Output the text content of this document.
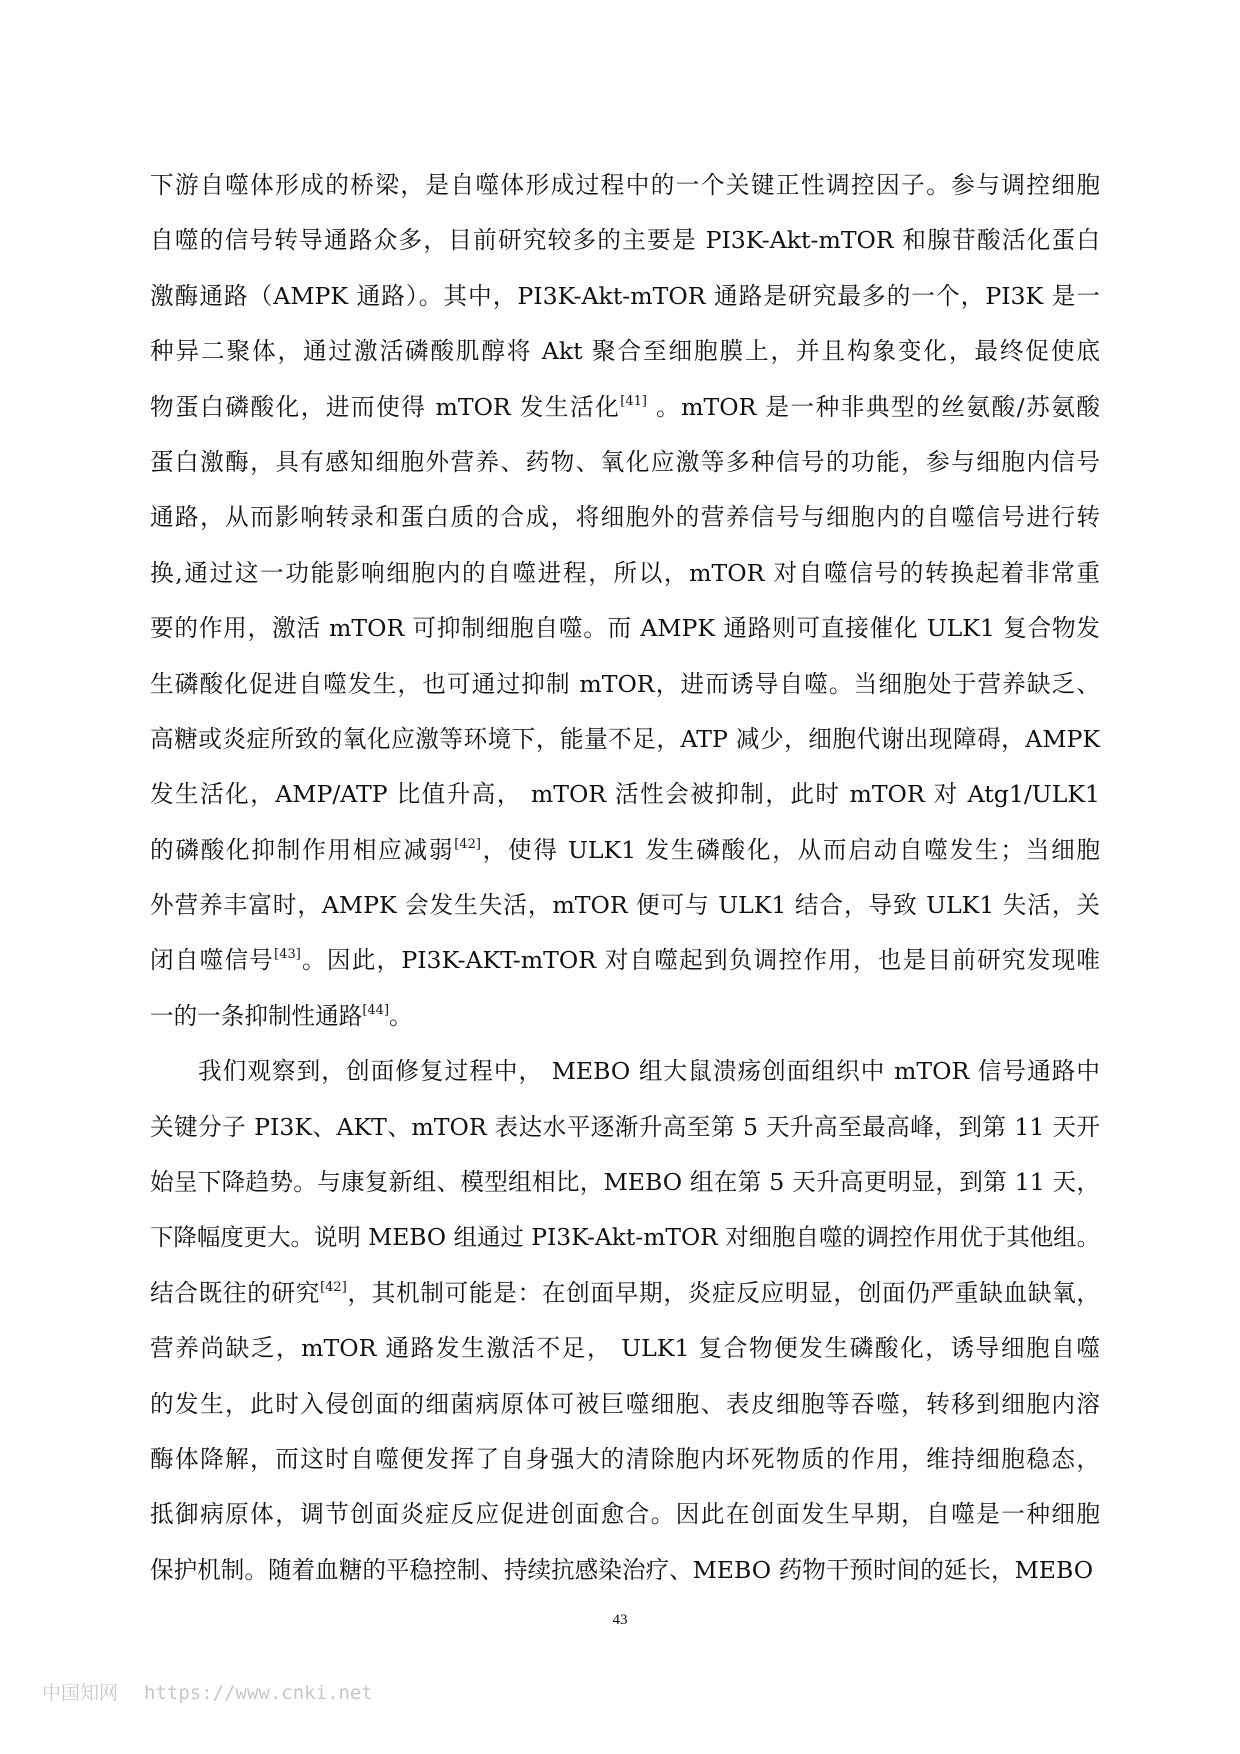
下游自噬体形成的桥梁，是自噬体形成过程中的一个关键正性调控因子。参与调控细胞
自噬的信号转导通路众多，目前研究较多的主要是 PI3K-Akt-mTOR 和腺苷酸活化蛋白
激酶通路（AMPK 通路）。其中，PI3K-Akt-mTOR 通路是研究最多的一个，PI3K 是一
种异二聚体，通过激活磷酸肌醇将 Akt 聚合至细胞膜上，并且构象变化，最终促使底
物蛋白磷酸化，进而使得 mTOR 发生活化[41] 。mTOR 是一种非典型的丝氨酸/苏氨酸
蛋白激酶，具有感知细胞外营养、药物、氧化应激等多种信号的功能，参与细胞内信号
通路，从而影响转录和蛋白质的合成，将细胞外的营养信号与细胞内的自噬信号进行转
换,通过这一功能影响细胞内的自噬进程，所以，mTOR 对自噬信号的转换起着非常重
要的作用，激活 mTOR 可抑制细胞自噬。而 AMPK 通路则可直接催化 ULK1 复合物发
生磷酸化促进自噬发生，也可通过抑制 mTOR，进而诱导自噬。当细胞处于营养缺乏、
高糖或炎症所致的氧化应激等环境下，能量不足，ATP 减少，细胞代谢出现障碍，AMPK
发生活化，AMP/ATP 比值升高， mTOR 活性会被抑制，此时 mTOR 对 Atg1/ULK1
的磷酸化抑制作用相应减弱[42]，使得 ULK1 发生磷酸化，从而启动自噬发生；当细胞
外营养丰富时，AMPK 会发生失活，mTOR 便可与 ULK1 结合，导致 ULK1 失活，关
闭自噬信号[43]。因此，PI3K-AKT-mTOR 对自噬起到负调控作用，也是目前研究发现唯
一的一条抑制性通路[44]。
我们观察到，创面修复过程中， MEBO 组大鼠溃疡创面组织中 mTOR 信号通路中
关键分子 PI3K、AKT、mTOR 表达水平逐渐升高至第 5 天升高至最高峰，到第 11 天开
始呈下降趋势。与康复新组、模型组相比，MEBO 组在第 5 天升高更明显，到第 11 天，
下降幅度更大。说明 MEBO 组通过 PI3K-Akt-mTOR 对细胞自噬的调控作用优于其他组。
结合既往的研究[42]，其机制可能是：在创面早期，炎症反应明显，创面仍严重缺血缺氧，
营养尚缺乏，mTOR 通路发生激活不足， ULK1 复合物便发生磷酸化，诱导细胞自噬
的发生，此时入侵创面的细菌病原体可被巨噬细胞、表皮细胞等吞噬，转移到细胞内溶
酶体降解，而这时自噬便发挥了自身强大的清除胞内坏死物质的作用，维持细胞稳态，
抵御病原体，调节创面炎症反应促进创面愈合。因此在创面发生早期，自噬是一种细胞
保护机制。随着血糖的平稳控制、持续抗感染治疗、MEBO 药物干预时间的延长，MEBO
43
中国知网 https://www.cnki.net
